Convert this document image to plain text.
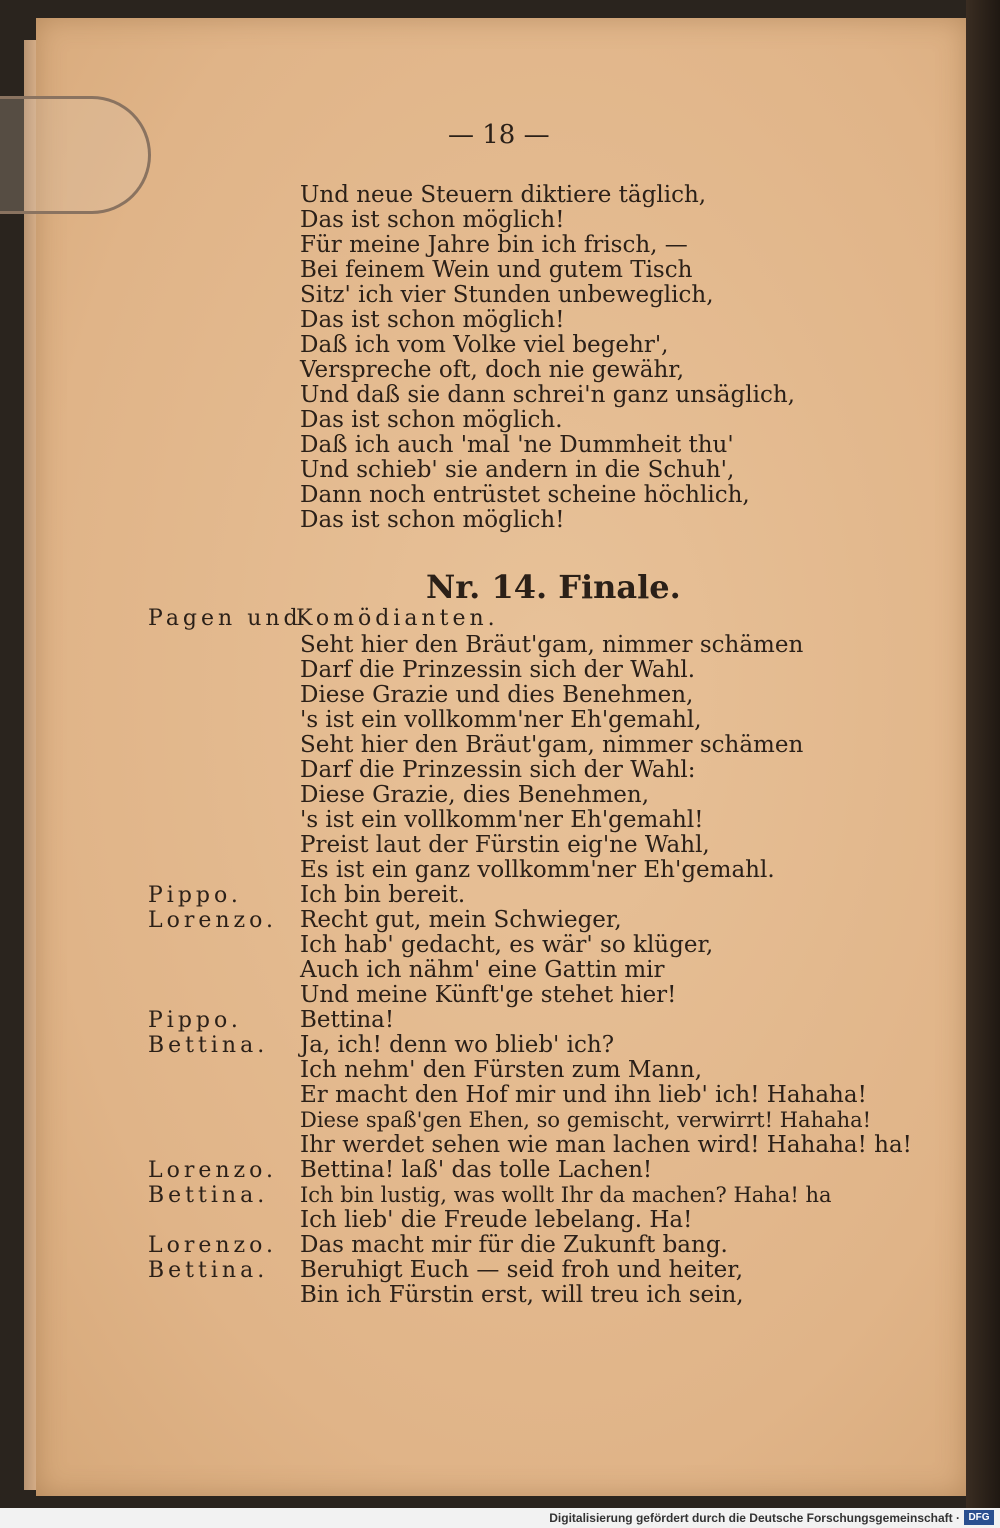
— 18 —
Und neue Steuern diktiere täglich,
Das ist schon möglich!
Für meine Jahre bin ich frisch, —
Bei feinem Wein und gutem Tisch
Sitz' ich vier Stunden unbeweglich,
Das ist schon möglich!
Daß ich vom Volke viel begehr',
Verspreche oft, doch nie gewähr,
Und daß sie dann schrei'n ganz unsäglich,
Das ist schon möglich.
Daß ich auch 'mal 'ne Dummheit thu'
Und schieb' sie andern in die Schuh',
Dann noch entrüstet scheine höchlich,
Das ist schon möglich!
Nr. 14. Finale.
Pagen und
Komödianten.
Seht hier den Bräut'gam, nimmer schämen
Darf die Prinzessin sich der Wahl.
Diese Grazie und dies Benehmen,
's ist ein vollkomm'ner Eh'gemahl,
Seht hier den Bräut'gam, nimmer schämen
Darf die Prinzessin sich der Wahl:
Diese Grazie, dies Benehmen,
's ist ein vollkomm'ner Eh'gemahl!
Preist laut der Fürstin eig'ne Wahl,
Es ist ein ganz vollkomm'ner Eh'gemahl.
Pippo.	Ich bin bereit.
Lorenzo. Recht gut, mein Schwieger,
Ich hab' gedacht, es wär' so klüger,
Auch ich nähm' eine Gattin mir
Und meine Künft'ge stehet hier!
Pippo.	Bettina!
Bettina. Ja, ich! denn wo blieb' ich?
Ich nehm' den Fürsten zum Mann,
Er macht den Hof mir und ihn lieb' ich! Hahaha!
Diese spaß'gen Ehen, so gemischt, verwirrt! Hahaha!
Ihr werdet sehen wie man lachen wird! Hahaha! ha!
Lorenzo. Bettina! laß' das tolle Lachen!
Bettina. Ich bin lustig, was wollt Ihr da machen? Haha! ha
Ich lieb' die Freude lebelang. Ha!
Lorenzo. Das macht mir für die Zukunft bang.
Bettina. Beruhigt Euch — seid froh und heiter,
Bin ich Fürstin erst, will treu ich sein,
Digitalisierung gefördert durch die Deutsche Forschungsgemeinschaft · DFG
